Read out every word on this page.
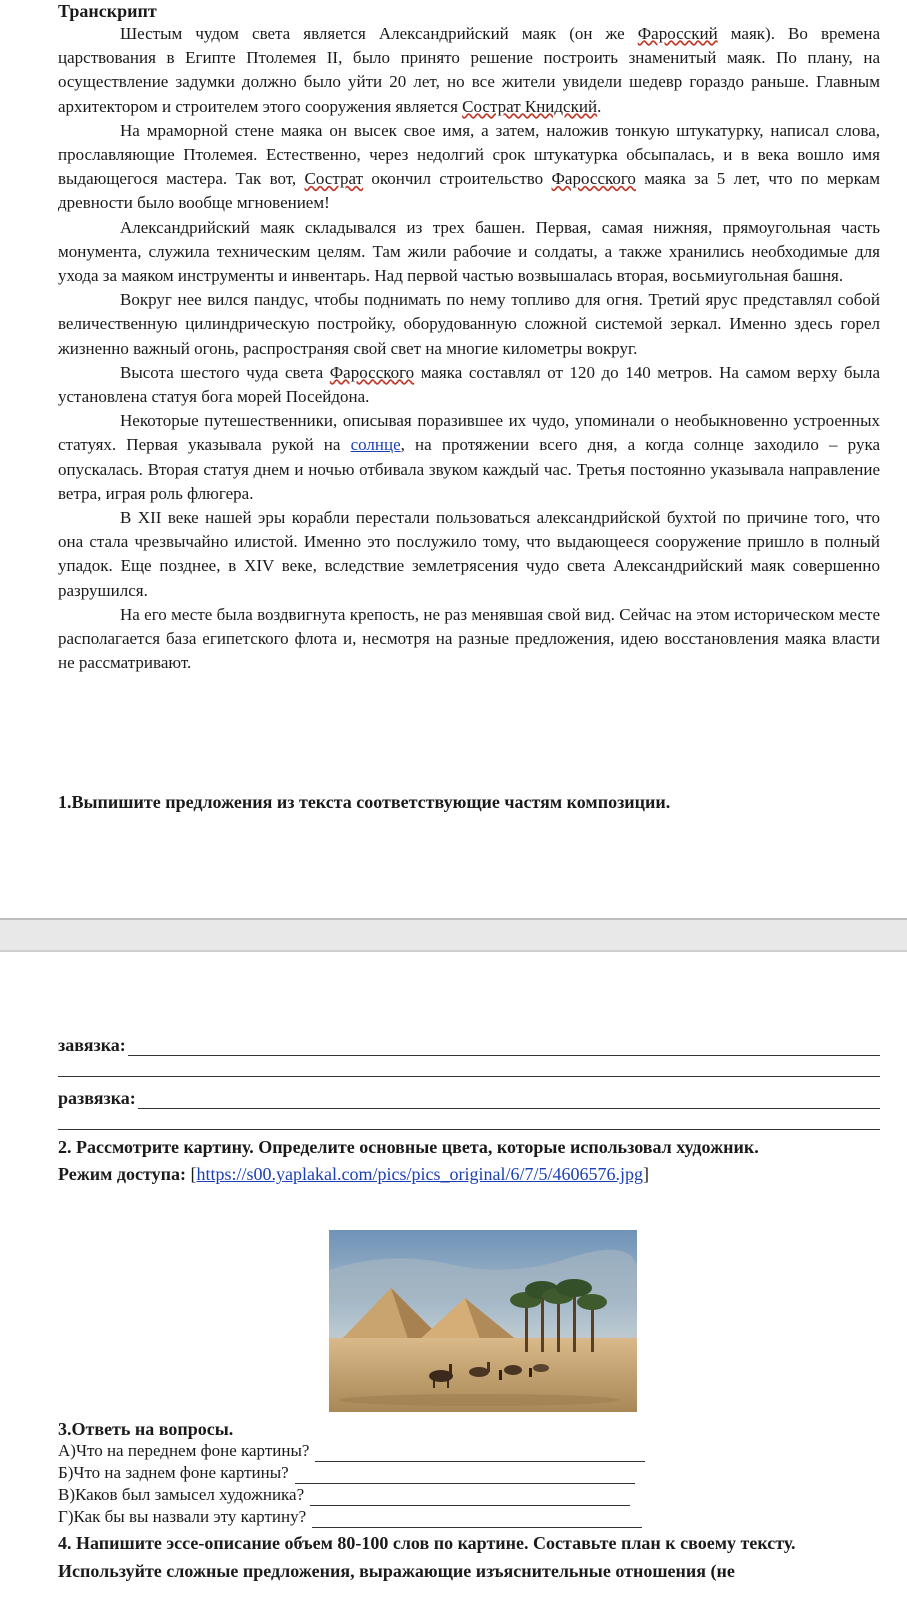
Транскрипт

Шестым чудом света является Александрийский маяк (он же Фаросский маяк). Во времена царствования в Египте Птолемея II, было принято решение построить знаменитый маяк. По плану, на осуществление задумки должно было уйти 20 лет, но все жители увидели шедевр гораздо раньше. Главным архитектором и строителем этого сооружения является Сострат Книдский.

На мраморной стене маяка он высек свое имя, а затем, наложив тонкую штукатурку, написал слова, прославляющие Птолемея. Естественно, через недолгий срок штукатурка обсыпалась, и в века вошло имя выдающегося мастера. Так вот, Сострат окончил строительство Фаросского маяка за 5 лет, что по меркам древности было вообще мгновением!

Александрийский маяк складывался из трех башен. Первая, самая нижняя, прямоугольная часть монумента, служила техническим целям. Там жили рабочие и солдаты, а также хранились необходимые для ухода за маяком инструменты и инвентарь. Над первой частью возвышалась вторая, восьмиугольная башня.

Вокруг нее вился пандус, чтобы поднимать по нему топливо для огня. Третий ярус представлял собой величественную цилиндрическую постройку, оборудованную сложной системой зеркал. Именно здесь горел жизненно важный огонь, распространяя свой свет на многие километры вокруг.

Высота шестого чуда света Фаросского маяка составлял от 120 до 140 метров. На самом верху была установлена статуя бога морей Посейдона.

Некоторые путешественники, описывая поразившее их чудо, упоминали о необыкновенно устроенных статуях. Первая указывала рукой на солнце, на протяжении всего дня, а когда солнце заходило – рука опускалась. Вторая статуя днем и ночью отбивала звуком каждый час. Третья постоянно указывала направление ветра, играя роль флюгера.

В XII веке нашей эры корабли перестали пользоваться александрийской бухтой по причине того, что она стала чрезвычайно илистой. Именно это послужило тому, что выдающееся сооружение пришло в полный упадок. Еще позднее, в XIV веке, вследствие землетрясения чудо света Александрийский маяк совершенно разрушился.

На его месте была воздвигнута крепость, не раз менявшая свой вид. Сейчас на этом историческом месте располагается база египетского флота и, несмотря на разные предложения, идею восстановления маяка власти не рассматривают.

1.Выпишите предложения из текста соответствующие частям композиции.

завязка:
развязка:

2. Рассмотрите картину. Определите основные цвета, которые использовал художник.

Режим доступа: [https://s00.yaplakal.com/pics/pics_original/6/7/5/4606576.jpg]

3.Ответь на вопросы.

А)Что на переднем фоне картины?
Б)Что на заднем фоне картины?
В)Каков был замысел художника?
Г)Как бы вы назвали эту картину?

4. Напишите эссе-описание объем 80-100 слов по картине. Составьте план к своему тексту.

Используйте сложные предложения, выражающие изъяснительные отношения (не
